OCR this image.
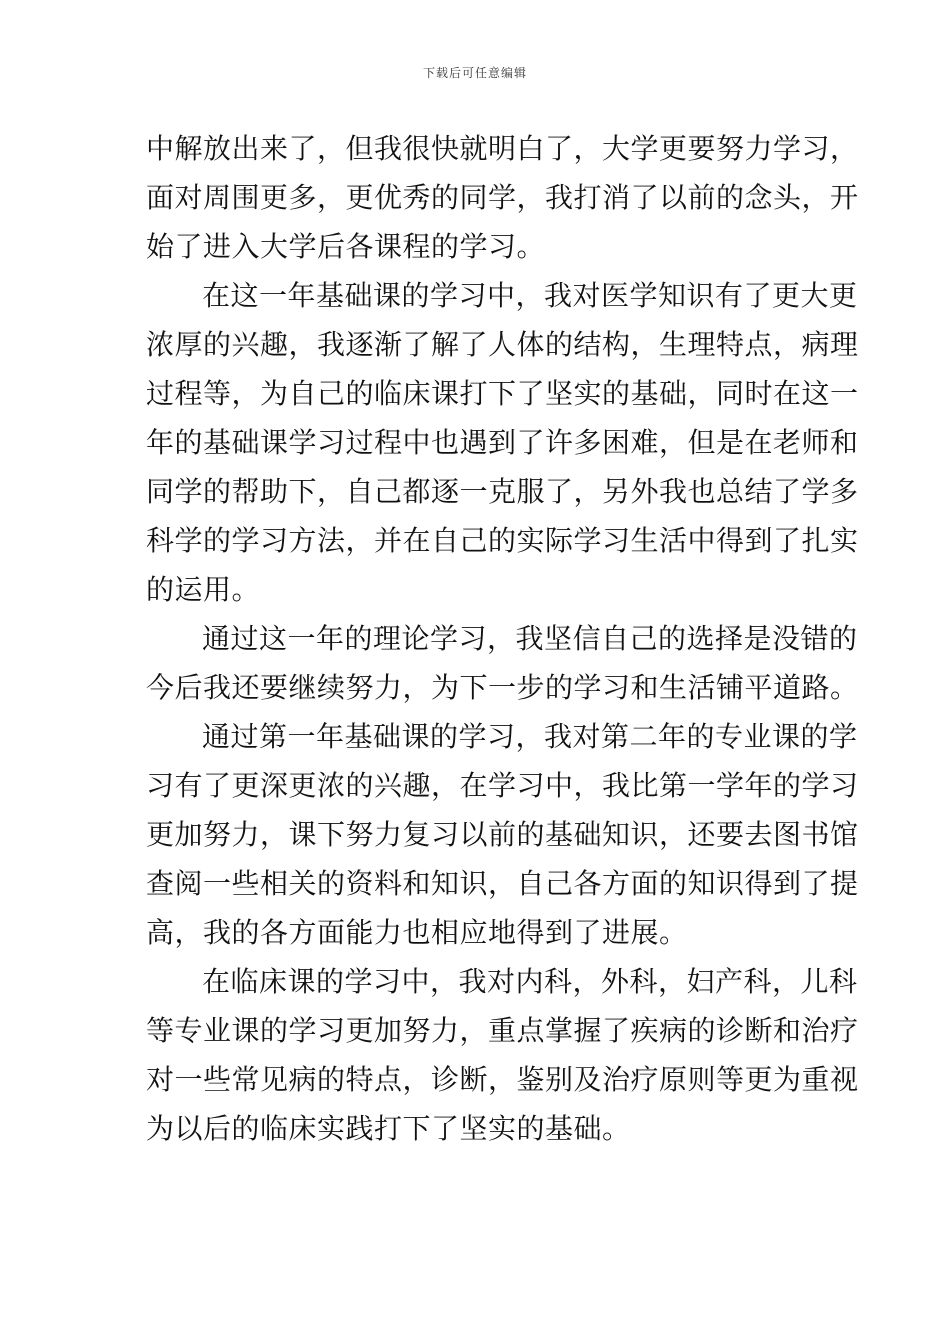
下载后可任意编辑
中解放出来了，但我很快就明白了，大学更要努力学习，
面对周围更多，更优秀的同学，我打消了以前的念头，开
始了进入大学后各课程的学习。
在这一年基础课的学习中，我对医学知识有了更大更
浓厚的兴趣，我逐渐了解了人体的结构，生理特点，病理
过程等，为自己的临床课打下了坚实的基础，同时在这一
年的基础课学习过程中也遇到了许多困难，但是在老师和
同学的帮助下，自己都逐一克服了，另外我也总结了学多
科学的学习方法，并在自己的实际学习生活中得到了扎实
的运用。
通过这一年的理论学习，我坚信自己的选择是没错的
今后我还要继续努力，为下一步的学习和生活铺平道路。
通过第一年基础课的学习，我对第二年的专业课的学
习有了更深更浓的兴趣，在学习中，我比第一学年的学习
更加努力，课下努力复习以前的基础知识，还要去图书馆
查阅一些相关的资料和知识，自己各方面的知识得到了提
高，我的各方面能力也相应地得到了进展。
在临床课的学习中，我对内科，外科，妇产科，儿科
等专业课的学习更加努力，重点掌握了疾病的诊断和治疗
对一些常见病的特点，诊断，鉴别及治疗原则等更为重视
为以后的临床实践打下了坚实的基础。
